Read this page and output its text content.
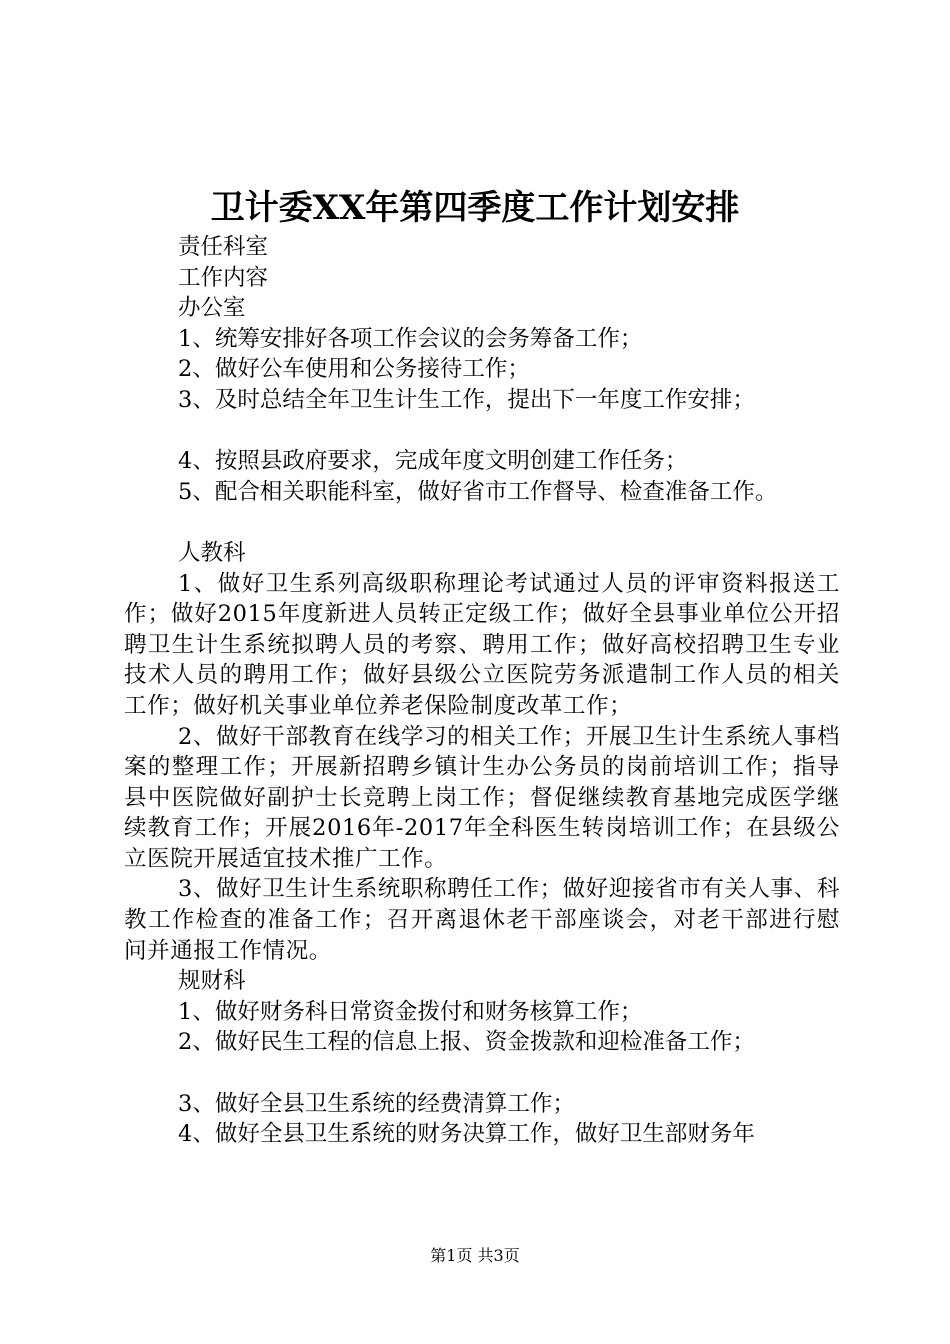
卫计委XX年第四季度工作计划安排
责任科室
工作内容
办公室
1、统筹安排好各项工作会议的会务筹备工作；
2、做好公车使用和公务接待工作；
3、及时总结全年卫生计生工作，提出下一年度工作安排；
4、按照县政府要求，完成年度文明创建工作任务；
5、配合相关职能科室，做好省市工作督导、检查准备工作。
人教科
1、做好卫生系列高级职称理论考试通过人员的评审资料报送工作；做好2015年度新进人员转正定级工作；做好全县事业单位公开招聘卫生计生系统拟聘人员的考察、聘用工作；做好高校招聘卫生专业技术人员的聘用工作；做好县级公立医院劳务派遣制工作人员的相关工作；做好机关事业单位养老保险制度改革工作；
2、做好干部教育在线学习的相关工作；开展卫生计生系统人事档案的整理工作；开展新招聘乡镇计生办公务员的岗前培训工作；指导县中医院做好副护士长竞聘上岗工作；督促继续教育基地完成医学继续教育工作；开展2016年-2017年全科医生转岗培训工作；在县级公立医院开展适宜技术推广工作。
3、做好卫生计生系统职称聘任工作；做好迎接省市有关人事、科教工作检查的准备工作；召开离退休老干部座谈会，对老干部进行慰问并通报工作情况。
规财科
1、做好财务科日常资金拨付和财务核算工作；
2、做好民生工程的信息上报、资金拨款和迎检准备工作；
3、做好全县卫生系统的经费清算工作；
4、做好全县卫生系统的财务决算工作，做好卫生部财务年
第1页 共3页
